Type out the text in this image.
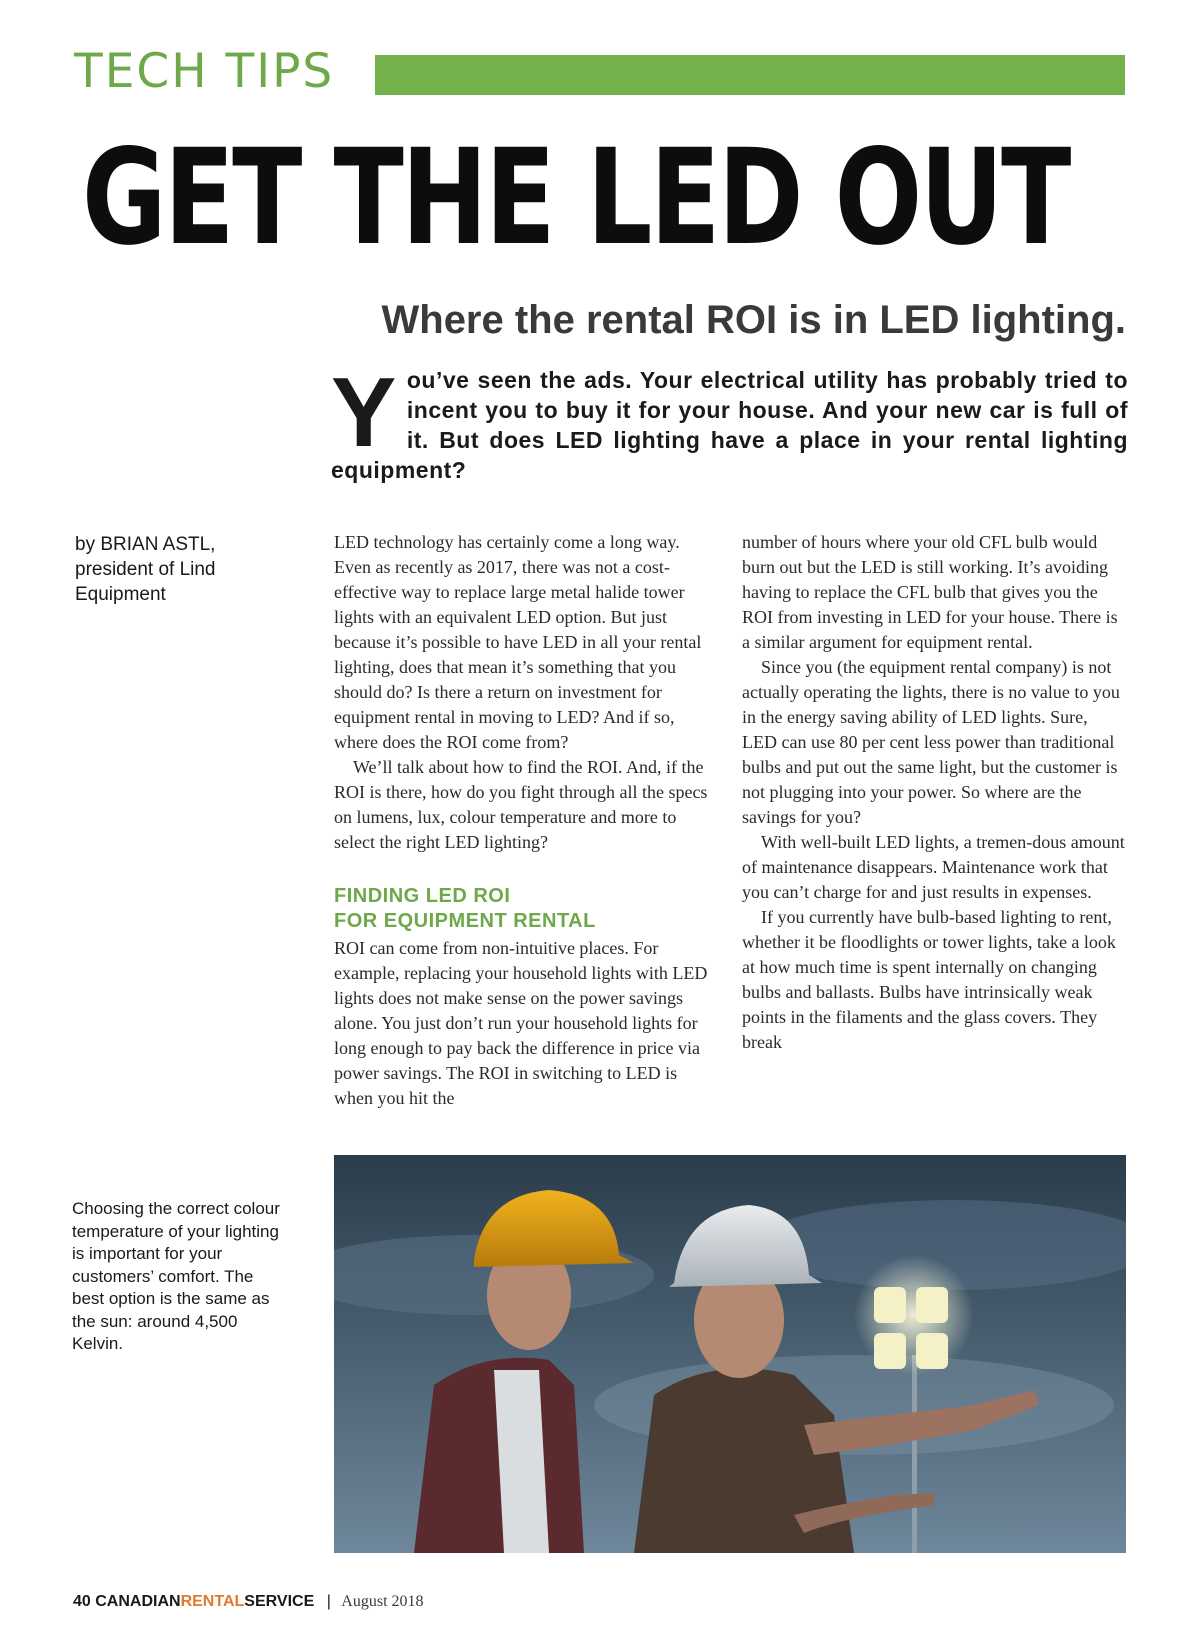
TECH TIPS
GET THE LED OUT
Where the rental ROI is in LED lighting.
You’ve seen the ads. Your electrical utility has probably tried to incent you to buy it for your house. And your new car is full of it. But does LED lighting have a place in your rental lighting equipment?
by BRIAN ASTL, president of Lind Equipment

LED technology has certainly come a long way. Even as recently as 2017, there was not a cost-effective way to replace large metal halide tower lights with an equivalent LED option. But just because it’s possible to have LED in all your rental lighting, does that mean it’s something that you should do? Is there a return on investment for equipment rental in moving to LED? And if so, where does the ROI come from?

We’ll talk about how to find the ROI. And, if the ROI is there, how do you fight through all the specs on lumens, lux, colour temperature and more to select the right LED lighting?

FINDING LED ROI
FOR EQUIPMENT RENTAL

ROI can come from non-intuitive places. For example, replacing your household lights with LED lights does not make sense on the power savings alone. You just don’t run your household lights for long enough to pay back the difference in price via power savings. The ROI in switching to LED is when you hit the

number of hours where your old CFL bulb would burn out but the LED is still working. It’s avoiding having to replace the CFL bulb that gives you the ROI from investing in LED for your house. There is a similar argument for equipment rental.

Since you (the equipment rental company) is not actually operating the lights, there is no value to you in the energy saving ability of LED lights. Sure, LED can use 80 per cent less power than traditional bulbs and put out the same light, but the customer is not plugging into your power. So where are the savings for you?

With well-built LED lights, a tremen-dous amount of maintenance disappears. Maintenance work that you can’t charge for and just results in expenses.

If you currently have bulb-based lighting to rent, whether it be floodlights or tower lights, take a look at how much time is spent internally on changing bulbs and ballasts. Bulbs have intrinsically weak points in the filaments and the glass covers. They break

Choosing the correct colour temperature of your lighting is important for your customers’ comfort. The best option is the same as the sun: around 4,500 Kelvin.
40 CANADIANRENTALSERVICE | August 2018
